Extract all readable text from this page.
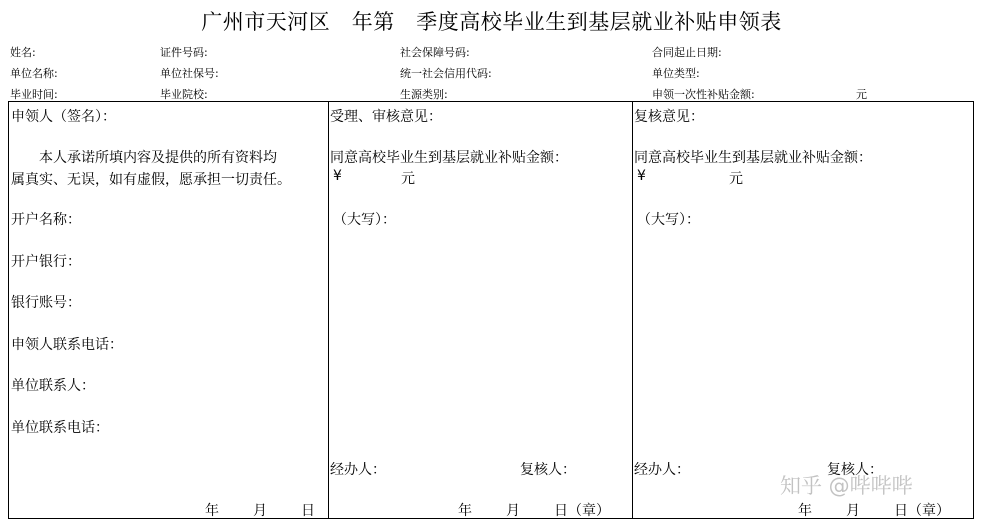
广州市天河区　年第　季度高校毕业生到基层就业补贴申领表
姓名:	证件号码:	社会保障号码:	合同起止日期:
单位名称:	单位社保号:	统一社会信用代码:	单位类型:
毕业时间:	毕业院校:	生源类别:	申领一次性补贴金额:	元
申领人（签名）：
本人承诺所填内容及提供的所有资料均
属真实、无误，如有虚假，愿承担一切责任。
开户名称：
开户银行：
银行账号：
申领人联系电话：
单位联系人：
单位联系电话：
年 月 日
受理、审核意见：
同意高校毕业生到基层就业补贴金额：
¥	元
（大写）：
经办人：	复核人：
年 月 日（章）
复核意见：
同意高校毕业生到基层就业补贴金额：
¥	元
（大写）：
经办人：	复核人：
年 月 日（章）
知乎 @哔哔哔
